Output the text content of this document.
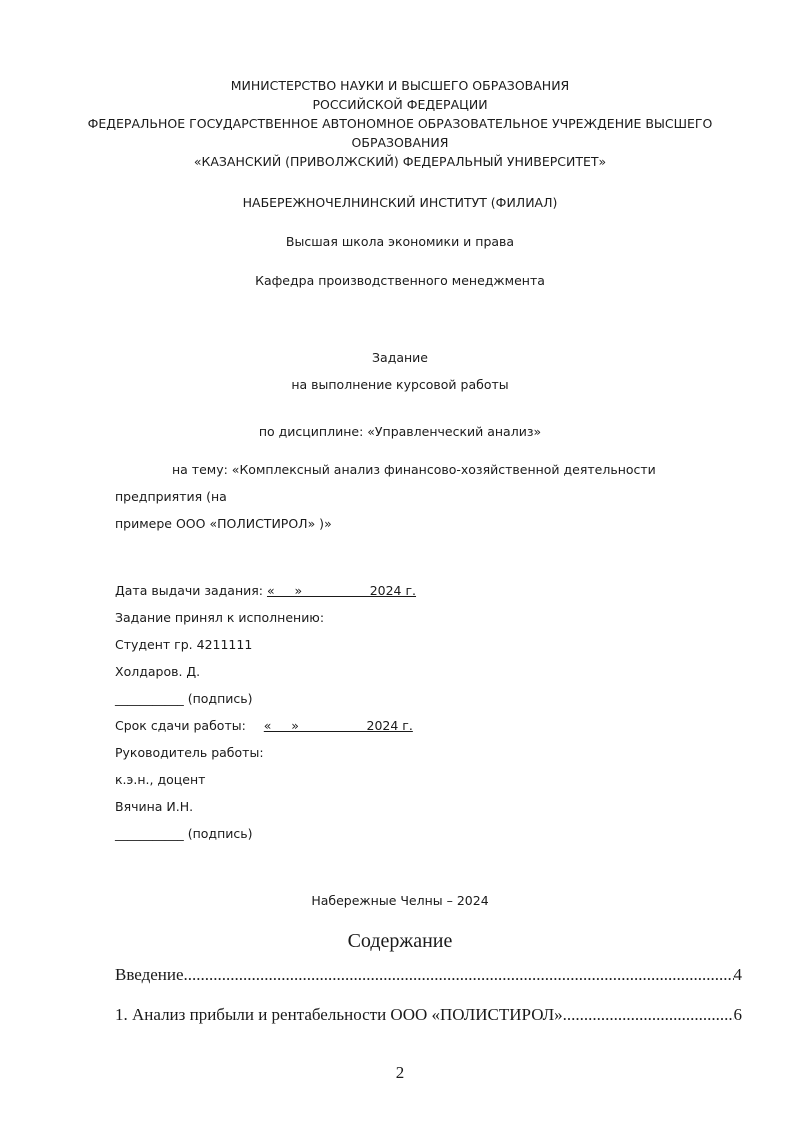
МИНИСТЕРСТВО НАУКИ И ВЫСШЕГО ОБРАЗОВАНИЯ
РОССИЙСКОЙ ФЕДЕРАЦИИ
ФЕДЕРАЛЬНОЕ ГОСУДАРСТВЕННОЕ АВТОНОМНОЕ ОБРАЗОВАТЕЛЬНОЕ УЧРЕЖДЕНИЕ ВЫСШЕГО
ОБРАЗОВАНИЯ
«КАЗАНСКИЙ (ПРИВОЛЖСКИЙ) ФЕДЕРАЛЬНЫЙ УНИВЕРСИТЕТ»
НАБЕРЕЖНОЧЕЛНИНСКИЙ ИНСТИТУТ (ФИЛИАЛ)
Высшая школа экономики и права
Кафедра производственного менеджмента
Задание
на выполнение курсовой работы
по дисциплине: «Управленческий анализ»
на тему: «Комплексный анализ финансово-хозяйственной деятельности предприятия (на
примере ООО «ПОЛИСТИРОЛ» )»
Дата выдачи задания: «     »                 2024 г.
Задание принял к исполнению:
Студент гр. 4211111
Холдаров. Д.
___________ (подпись)
Срок сдачи работы: «     »                 2024 г.
Руководитель работы:
к.э.н., доцент
Вячина И.Н.
___________ (подпись)
Набережные Челны – 2024
Содержание
Введение .....	4
1. Анализ прибыли и рентабельности ООО «ПОЛИСТИРОЛ» .....	6
2
